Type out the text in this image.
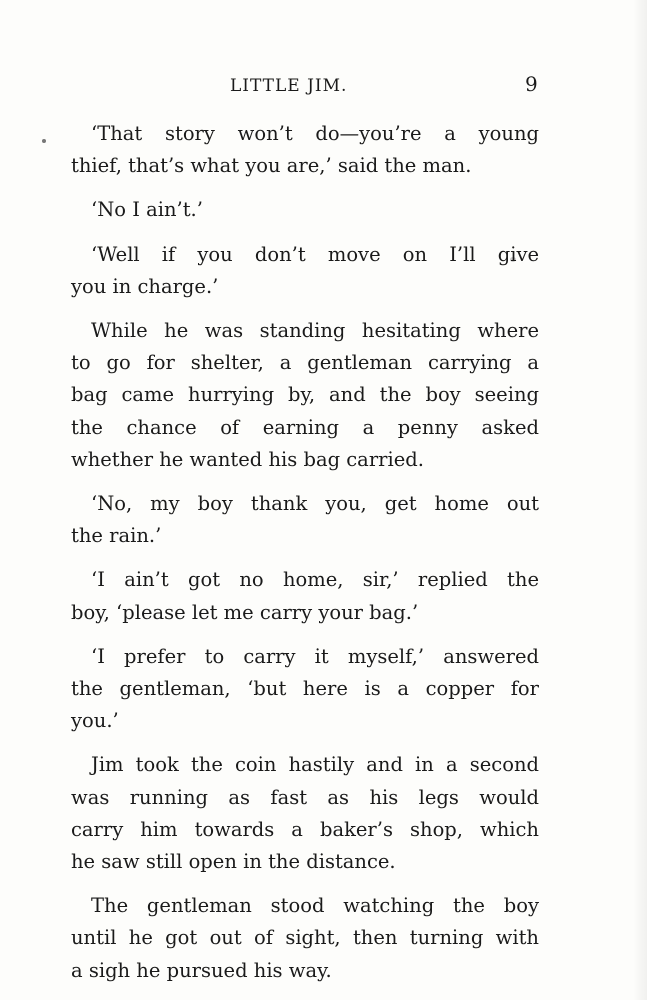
LITTLE JIM.	9

‘That story won’t do—you’re a young
thief, that’s what you are,’ said the man.

‘No I ain’t.’

‘Well if you don’t move on I’ll give
you in charge.’

While he was standing hesitating where
to go for shelter, a gentleman carrying a
bag came hurrying by, and the boy seeing
the chance of earning a penny asked
whether he wanted his bag carried.

‘No, my boy thank you, get home out
the rain.’

‘I ain’t got no home, sir,’ replied the
boy, ‘please let me carry your bag.’

‘I prefer to carry it myself,’ answered
the gentleman, ‘but here is a copper for
you.’

Jim took the coin hastily and in a second
was running as fast as his legs would
carry him towards a baker’s shop, which
he saw still open in the distance.

The gentleman stood watching the boy
until he got out of sight, then turning with
a sigh he pursued his way.
